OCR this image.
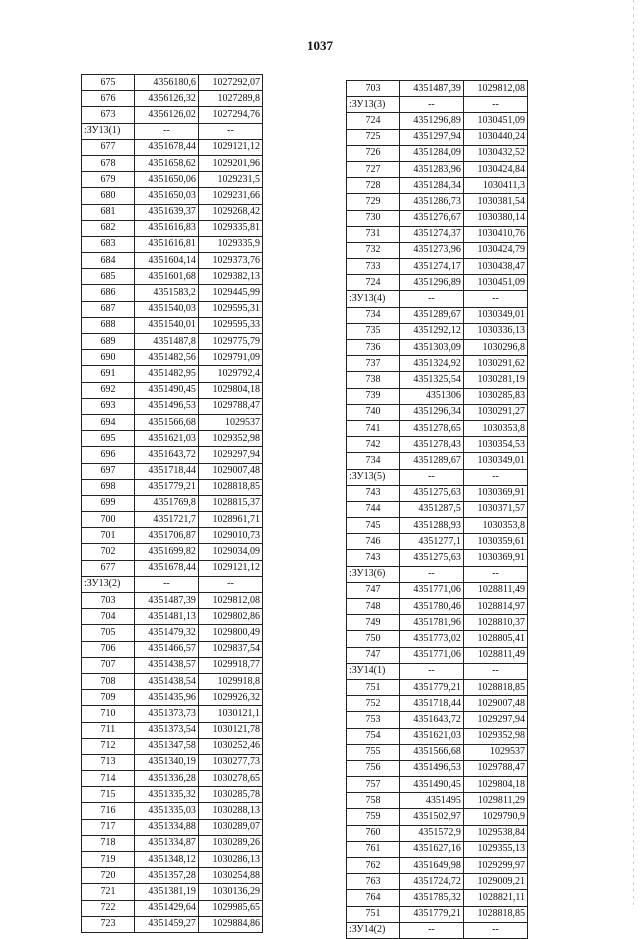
1037
675	4356180,6	1027292,07
676	4356126,32	1027289,8
673	4356126,02	1027294,76
:ЗУ13(1)	--	--
677	4351678,44	1029121,12
678	4351658,62	1029201,96
679	4351650,06	1029231,5
680	4351650,03	1029231,66
681	4351639,37	1029268,42
682	4351616,83	1029335,81
683	4351616,81	1029335,9
684	4351604,14	1029373,76
685	4351601,68	1029382,13
686	4351583,2	1029445,99
687	4351540,03	1029595,31
688	4351540,01	1029595,33
689	4351487,8	1029775,79
690	4351482,56	1029791,09
691	4351482,95	1029792,4
692	4351490,45	1029804,18
693	4351496,53	1029788,47
694	4351566,68	1029537
695	4351621,03	1029352,98
696	4351643,72	1029297,94
697	4351718,44	1029007,48
698	4351779,21	1028818,85
699	4351769,8	1028815,37
700	4351721,7	1028961,71
701	4351706,87	1029010,73
702	4351699,82	1029034,09
677	4351678,44	1029121,12
:ЗУ13(2)	--	--
703	4351487,39	1029812,08
704	4351481,13	1029802,86
705	4351479,32	1029800,49
706	4351466,57	1029837,54
707	4351438,57	1029918,77
708	4351438,54	1029918,8
709	4351435,96	1029926,32
710	4351373,73	1030121,1
711	4351373,54	1030121,78
712	4351347,58	1030252,46
713	4351340,19	1030277,73
714	4351336,28	1030278,65
715	4351335,32	1030285,78
716	4351335,03	1030288,13
717	4351334,88	1030289,07
718	4351334,87	1030289,26
719	4351348,12	1030286,13
720	4351357,28	1030254,88
721	4351381,19	1030136,29
722	4351429,64	1029985,65
723	4351459,27	1029884,86
703	4351487,39	1029812,08
:ЗУ13(3)	--	--
724	4351296,89	1030451,09
725	4351297,94	1030440,24
726	4351284,09	1030432,52
727	4351283,96	1030424,84
728	4351284,34	1030411,3
729	4351286,73	1030381,54
730	4351276,67	1030380,14
731	4351274,37	1030410,76
732	4351273,96	1030424,79
733	4351274,17	1030438,47
724	4351296,89	1030451,09
:ЗУ13(4)	--	--
734	4351289,67	1030349,01
735	4351292,12	1030336,13
736	4351303,09	1030296,8
737	4351324,92	1030291,62
738	4351325,54	1030281,19
739	4351306	1030285,83
740	4351296,34	1030291,27
741	4351278,65	1030353,8
742	4351278,43	1030354,53
734	4351289,67	1030349,01
:ЗУ13(5)	--	--
743	4351275,63	1030369,91
744	4351287,5	1030371,57
745	4351288,93	1030353,8
746	4351277,1	1030359,61
743	4351275,63	1030369,91
:ЗУ13(6)	--	--
747	4351771,06	1028811,49
748	4351780,46	1028814,97
749	4351781,96	1028810,37
750	4351773,02	1028805,41
747	4351771,06	1028811,49
:ЗУ14(1)	--	--
751	4351779,21	1028818,85
752	4351718,44	1029007,48
753	4351643,72	1029297,94
754	4351621,03	1029352,98
755	4351566,68	1029537
756	4351496,53	1029788,47
757	4351490,45	1029804,18
758	4351495	1029811,29
759	4351502,97	1029790,9
760	4351572,9	1029538,84
761	4351627,16	1029355,13
762	4351649,98	1029299,97
763	4351724,72	1029009,21
764	4351785,32	1028821,11
751	4351779,21	1028818,85
:ЗУ14(2)	--	--
